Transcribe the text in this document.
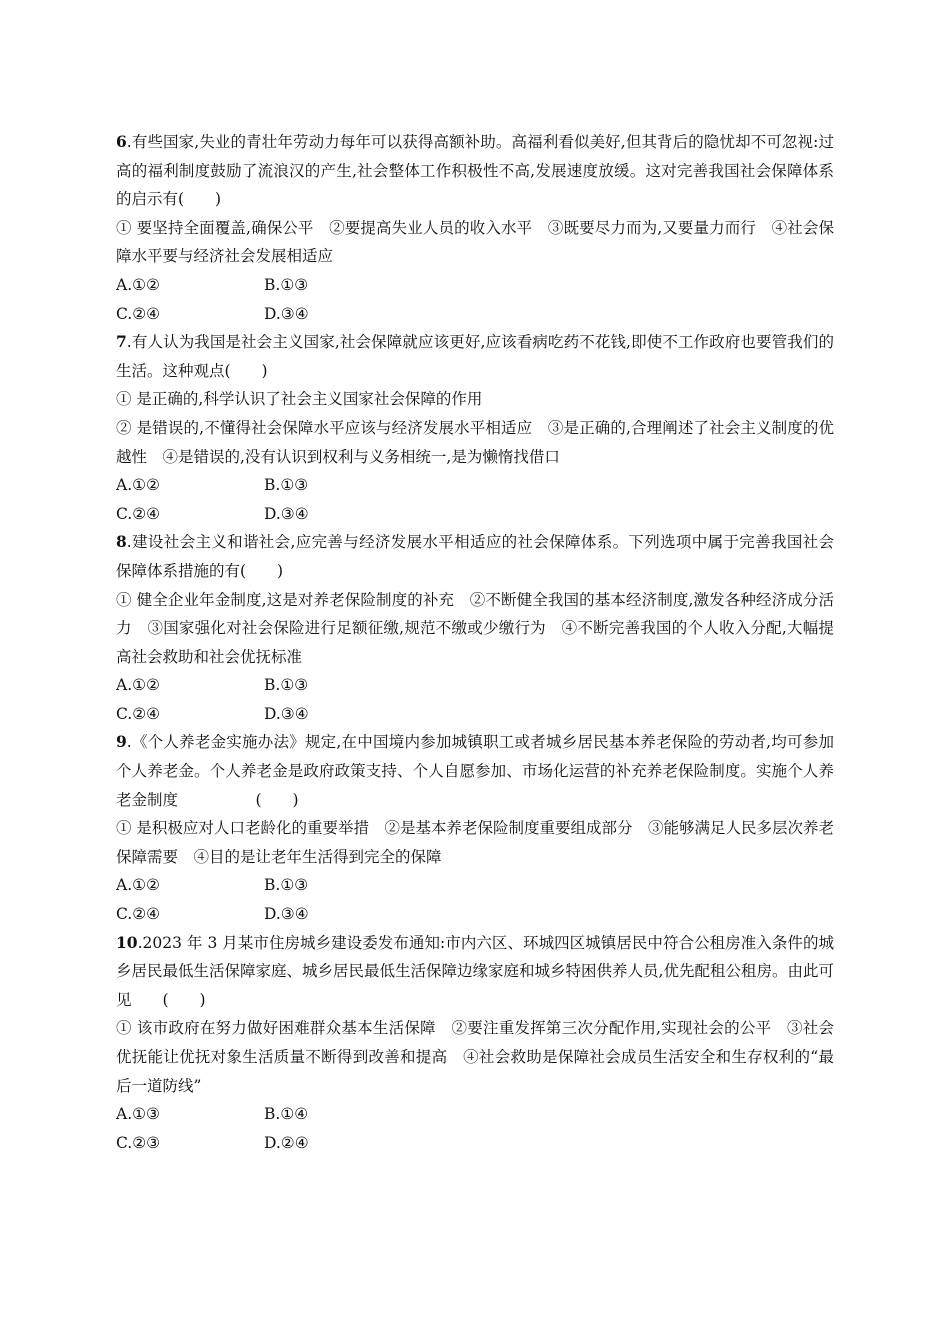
6.有些国家,失业的青壮年劳动力每年可以获得高额补助。高福利看似美好,但其背后的隐忧却不可忽视:过高的福利制度鼓励了流浪汉的产生,社会整体工作积极性不高,发展速度放缓。这对完善我国社会保障体系的启示有(　　)
① 要坚持全面覆盖,确保公平　②要提高失业人员的收入水平　③既要尽力而为,又要量力而行　④社会保障水平要与经济社会发展相适应
A.①②	B.①③
C.②④	D.③④
7.有人认为我国是社会主义国家,社会保障就应该更好,应该看病吃药不花钱,即使不工作政府也要管我们的生活。这种观点(　　)
① 是正确的,科学认识了社会主义国家社会保障的作用
② 是错误的,不懂得社会保障水平应该与经济发展水平相适应　③是正确的,合理阐述了社会主义制度的优越性　④是错误的,没有认识到权利与义务相统一,是为懒惰找借口
A.①②	B.①③
C.②④	D.③④
8.建设社会主义和谐社会,应完善与经济发展水平相适应的社会保障体系。下列选项中属于完善我国社会保障体系措施的有(　　)
① 健全企业年金制度,这是对养老保险制度的补充　②不断健全我国的基本经济制度,激发各种经济成分活力　③国家强化对社会保险进行足额征缴,规范不缴或少缴行为　④不断完善我国的个人收入分配,大幅提高社会救助和社会优抚标准
A.①②	B.①③
C.②④	D.③④
9.《个人养老金实施办法》规定,在中国境内参加城镇职工或者城乡居民基本养老保险的劳动者,均可参加个人养老金。个人养老金是政府政策支持、个人自愿参加、市场化运营的补充养老保险制度。实施个人养老金制度　　　　　(　　)
① 是积极应对人口老龄化的重要举措　②是基本养老保险制度重要组成部分　③能够满足人民多层次养老保障需要　④目的是让老年生活得到完全的保障
A.①②	B.①③
C.②④	D.③④
10.2023 年 3 月某市住房城乡建设委发布通知:市内六区、环城四区城镇居民中符合公租房准入条件的城乡居民最低生活保障家庭、城乡居民最低生活保障边缘家庭和城乡特困供养人员,优先配租公租房。由此可见　　(　　)
① 该市政府在努力做好困难群众基本生活保障　②要注重发挥第三次分配作用,实现社会的公平　③社会优抚能让优抚对象生活质量不断得到改善和提高　④社会救助是保障社会成员生活安全和生存权利的“最后一道防线”
A.①③	B.①④
C.②③	D.②④
